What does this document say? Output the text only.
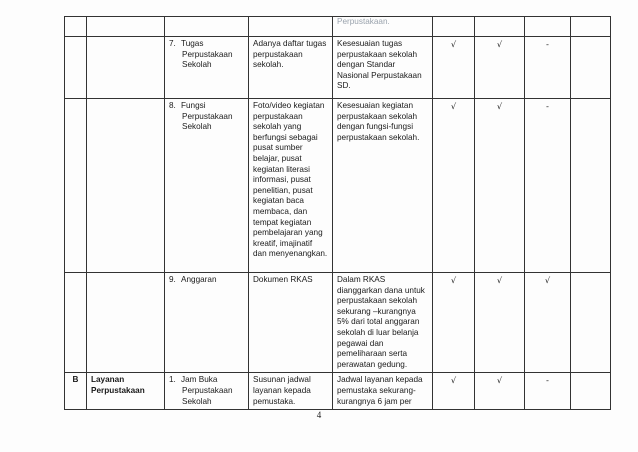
				Perpustakaan.				

		7. Tugas Perpustakaan Sekolah	Adanya daftar tugas perpustakaan sekolah.	Kesesuaian tugas perpustakaan sekolah dengan Standar Nasional Perpustakaan SD.	√	√	-	

		8. Fungsi Perpustakaan Sekolah	Foto/video kegiatan perpustakaan sekolah yang berfungsi sebagai pusat sumber belajar, pusat kegiatan literasi informasi, pusat penelitian, pusat kegiatan baca membaca, dan tempat kegiatan pembelajaran yang kreatif, imajinatif dan menyenangkan.	Kesesuaian kegiatan perpustakaan sekolah dengan fungsi-fungsi perpustakaan sekolah.	√	√	-	

		9. Anggaran	Dokumen RKAS	Dalam RKAS dianggarkan dana untuk perpustakaan sekolah sekurang –kurangnya 5% dari total anggaran sekolah di luar belanja pegawai dan pemeliharaan serta perawatan gedung.	√	√	√	
B	Layanan Perpustakaan	1. Jam Buka Perpustakaan Sekolah	Susunan jadwal layanan kepada pemustaka.	Jadwal layanan kepada pemustaka sekurang-kurangnya 6 jam per	√	√	-	
4
